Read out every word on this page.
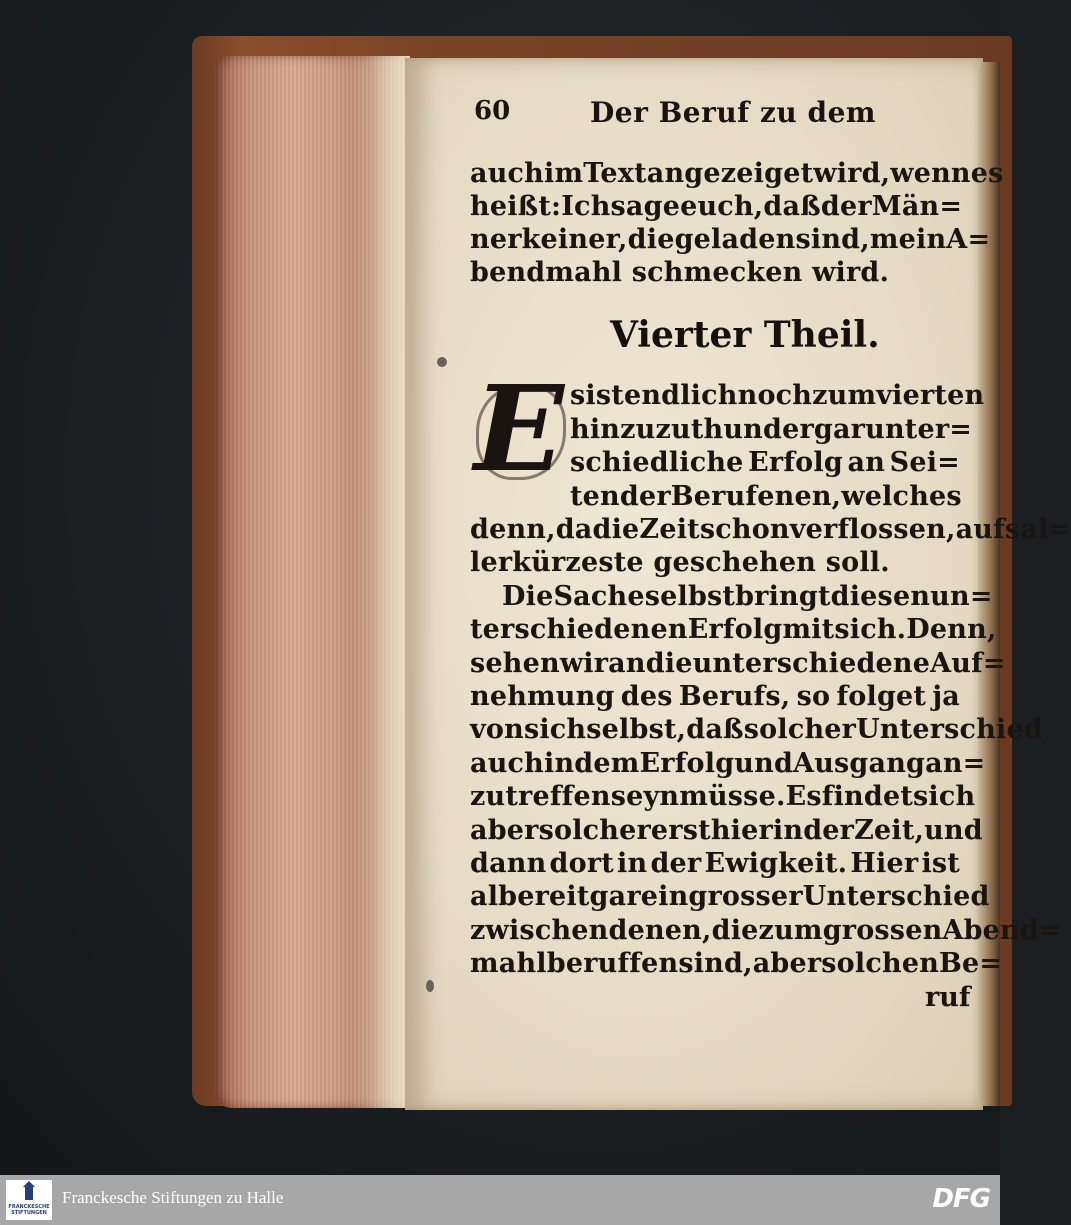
60	Der Beruf zu dem
auch im Text angezeiget wird, wenn es
heißt: Ich sage euch, daß der Män=
ner keiner, die geladen sind, mein A=
bendmahl schmecken wird.
Vierter Theil.
E s ist endlich noch zum vierten
hinzuzuthun der gar unter=
schiedliche Erfolg an Sei=
ten der Berufenen, welches
denn, da die Zeit schon verflossen, aufs al=
lerkürzeste geschehen soll.
Die Sache selbst bringt diesen un=
terschiedenen Erfolg mit sich. Denn,
sehen wir an die unterschiedene Auf=
nehmung des Berufs, so folget ja
von sich selbst, daß solcher Unterschied
auch in dem Erfolg und Ausgang an=
zutreffen seyn müsse. Es findet sich
aber solcher erst hier in der Zeit, und
dann dort in der Ewigkeit. Hier ist
albereit gar ein grosser Unterschied
zwischen denen, die zum grossen Abend=
mahl beruffen sind, aber solchen Be=
ruf
FRANCKESCHE STIFTUNGEN
Franckesche Stiftungen zu Halle	DFG
